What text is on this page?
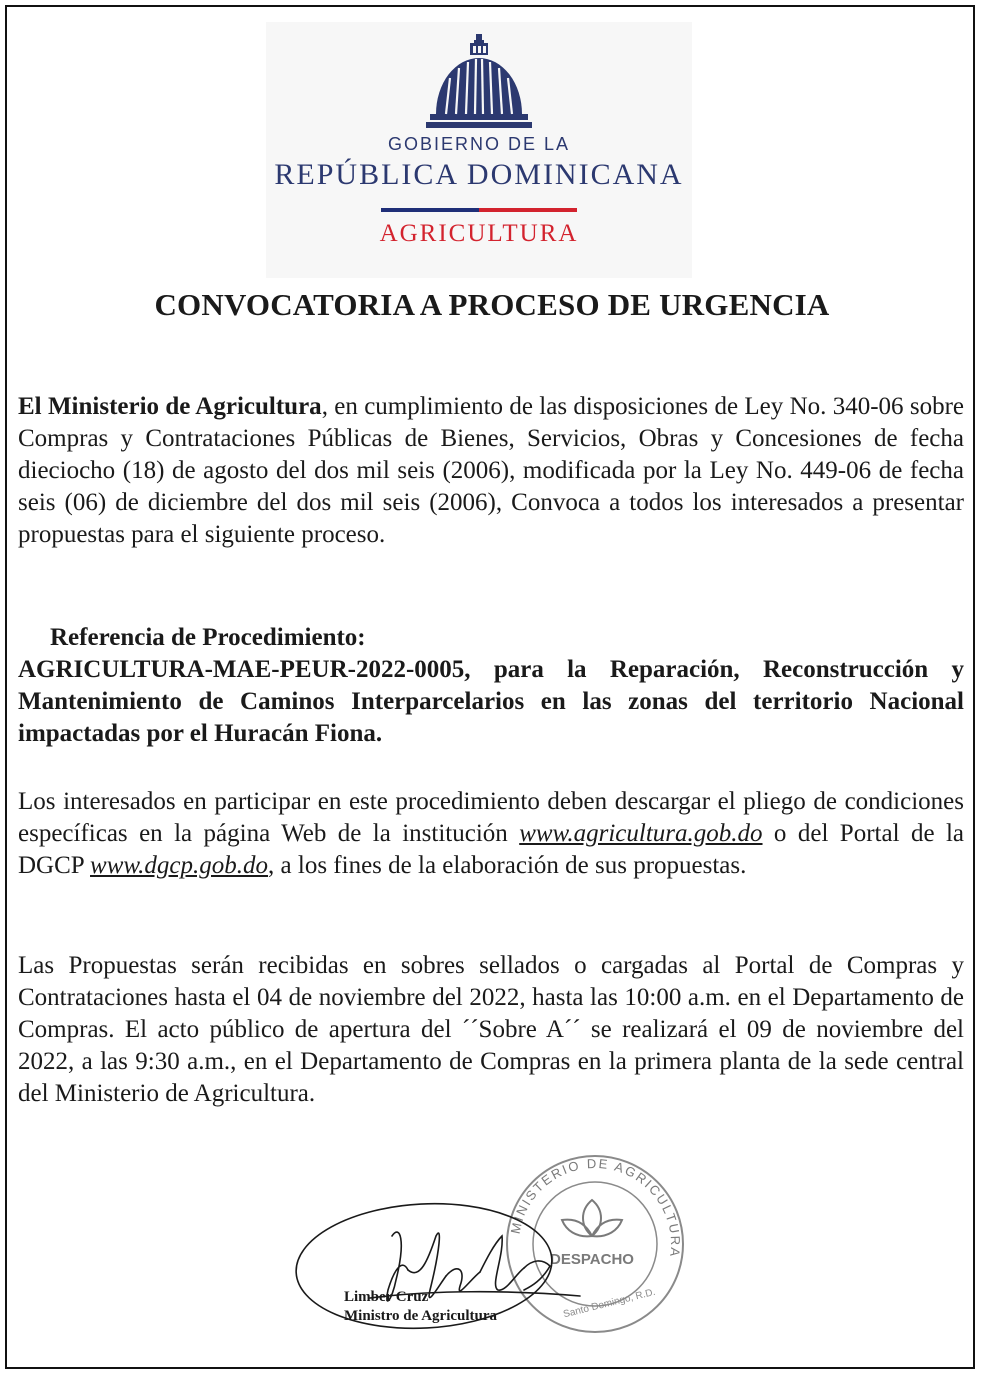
GOBIERNO DE LA
REPÚBLICA DOMINICANA
AGRICULTURA
CONVOCATORIA A PROCESO DE URGENCIA

El Ministerio de Agricultura, en cumplimiento de las disposiciones de Ley No. 340-06 sobre Compras y Contrataciones Públicas de Bienes, Servicios, Obras y Concesiones de fecha dieciocho (18) de agosto del dos mil seis (2006), modificada por la Ley No. 449-06 de fecha seis (06) de diciembre del dos mil seis (2006), Convoca a todos los interesados a presentar propuestas para el siguiente proceso.

Referencia de Procedimiento:
AGRICULTURA-MAE-PEUR-2022-0005, para la Reparación, Reconstrucción y Mantenimiento de Caminos Interparcelarios en las zonas del territorio Nacional impactadas por el Huracán Fiona.

Los interesados en participar en este procedimiento deben descargar el pliego de condiciones específicas en la página Web de la institución www.agricultura.gob.do o del Portal de la DGCP www.dgcp.gob.do, a los fines de la elaboración de sus propuestas.

Las Propuestas serán recibidas en sobres sellados o cargadas al Portal de Compras y Contrataciones hasta el 04 de noviembre del 2022, hasta las 10:00 a.m. en el Departamento de Compras. El acto público de apertura del ´´Sobre A´´ se realizará el 09 de noviembre del 2022, a las 9:30 a.m., en el Departamento de Compras en la primera planta de la sede central del Ministerio de Agricultura.

MINISTERIO DE AGRICULTURA
DESPACHO
Santo Domingo, R.D.
Limber Cruz
Ministro de Agricultura
